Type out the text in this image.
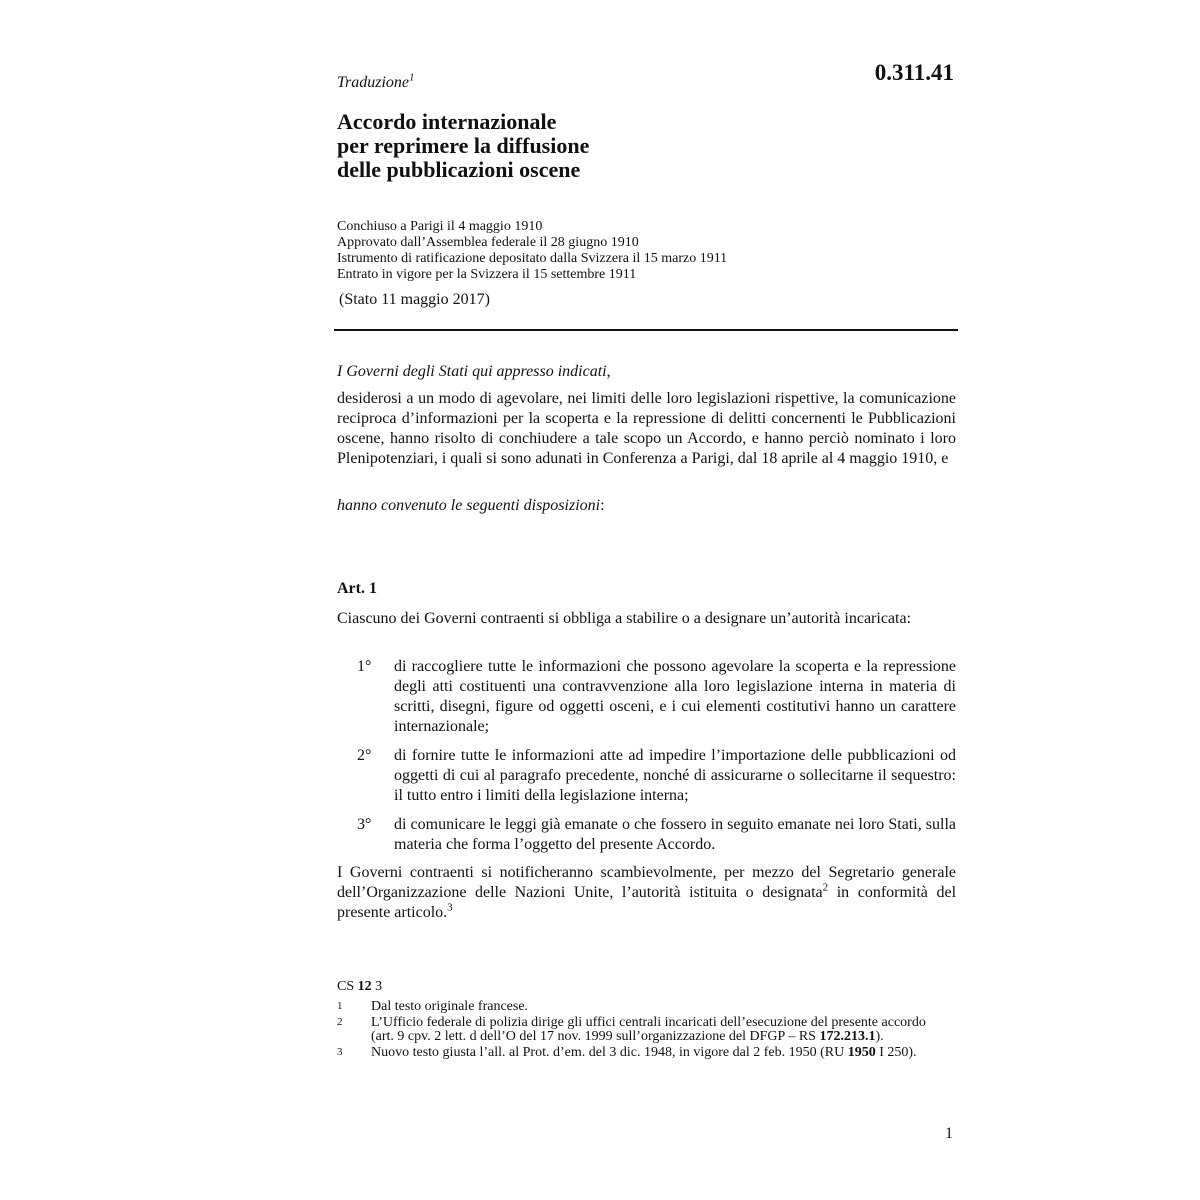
Traduzione$^1$	0.311.41
Accordo internazionale
per reprimere la diffusione
delle pubblicazioni oscene
Conchiuso a Parigi il 4 maggio 1910
Approvato dall’Assemblea federale il 28 giugno 1910
Istrumento di ratificazione depositato dalla Svizzera il 15 marzo 1911
Entrato in vigore per la Svizzera il 15 settembre 1911
(Stato 11 maggio 2017)
I Governi degli Stati qui appresso indicati,
desiderosi a un modo di agevolare, nei limiti delle loro legislazioni rispettive, la comunicazione reciproca d’informazioni per la scoperta e la repressione di delitti concernenti le Pubblicazioni oscene, hanno risolto di conchiudere a tale scopo un Accordo, e hanno perciò nominato i loro Plenipotenziari, i quali si sono adunati in Conferenza a Parigi, dal 18 aprile al 4 maggio 1910, e
hanno convenuto le seguenti disposizioni:
Art. 1
Ciascuno dei Governi contraenti si obbliga a stabilire o a designare un’autorità incaricata:
1° di raccogliere tutte le informazioni che possono agevolare la scoperta e la repressione degli atti costituenti una contravvenzione alla loro legislazione interna in materia di scritti, disegni, figure od oggetti osceni, e i cui elementi costitutivi hanno un carattere internazionale;
2° di fornire tutte le informazioni atte ad impedire l’importazione delle pubblicazioni od oggetti di cui al paragrafo precedente, nonché di assicurarne o sollecitarne il sequestro: il tutto entro i limiti della legislazione interna;
3° di comunicare le leggi già emanate o che fossero in seguito emanate nei loro Stati, sulla materia che forma l’oggetto del presente Accordo.
I Governi contraenti si notificheranno scambievolmente, per mezzo del Segretario generale dell’Organizzazione delle Nazioni Unite, l’autorità istituita o designata$^2$ in conformità del presente articolo.$^3$
CS 12 3
1 Dal testo originale francese.
2 L’Ufficio federale di polizia dirige gli uffici centrali incaricati dell’esecuzione del presente accordo (art. 9 cpv. 2 lett. d dell’O del 17 nov. 1999 sull’organizzazione del DFGP – RS 172.213.1).
3 Nuovo testo giusta l’all. al Prot. d’em. del 3 dic. 1948, in vigore dal 2 feb. 1950 (RU 1950 I 250).
1
